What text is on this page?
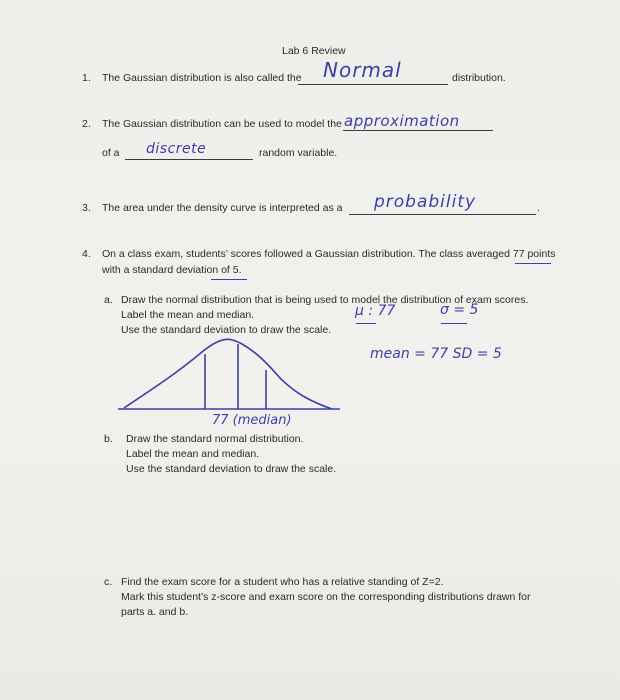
Lab 6 Review
1. The Gaussian distribution is also called the Normal	distribution.
2. The Gaussian distribution can be used to model the approximation
of a discrete	random variable.
3. The area under the density curve is interpreted as a probability	.
4. On a class exam, students’ scores followed a Gaussian distribution. The class averaged 77 points
with a standard deviation of 5.
a. Draw the normal distribution that is being used to model the distribution of exam scores.
Label the mean and median.
Use the standard deviation to draw the scale.
μ : 77	σ = 5
mean = 77 SD = 5
77 (median)
b. Draw the standard normal distribution.
Label the mean and median.
Use the standard deviation to draw the scale.
c. Find the exam score for a student who has a relative standing of Z=2.
Mark this student’s z-score and exam score on the corresponding distributions drawn for
parts a. and b.
